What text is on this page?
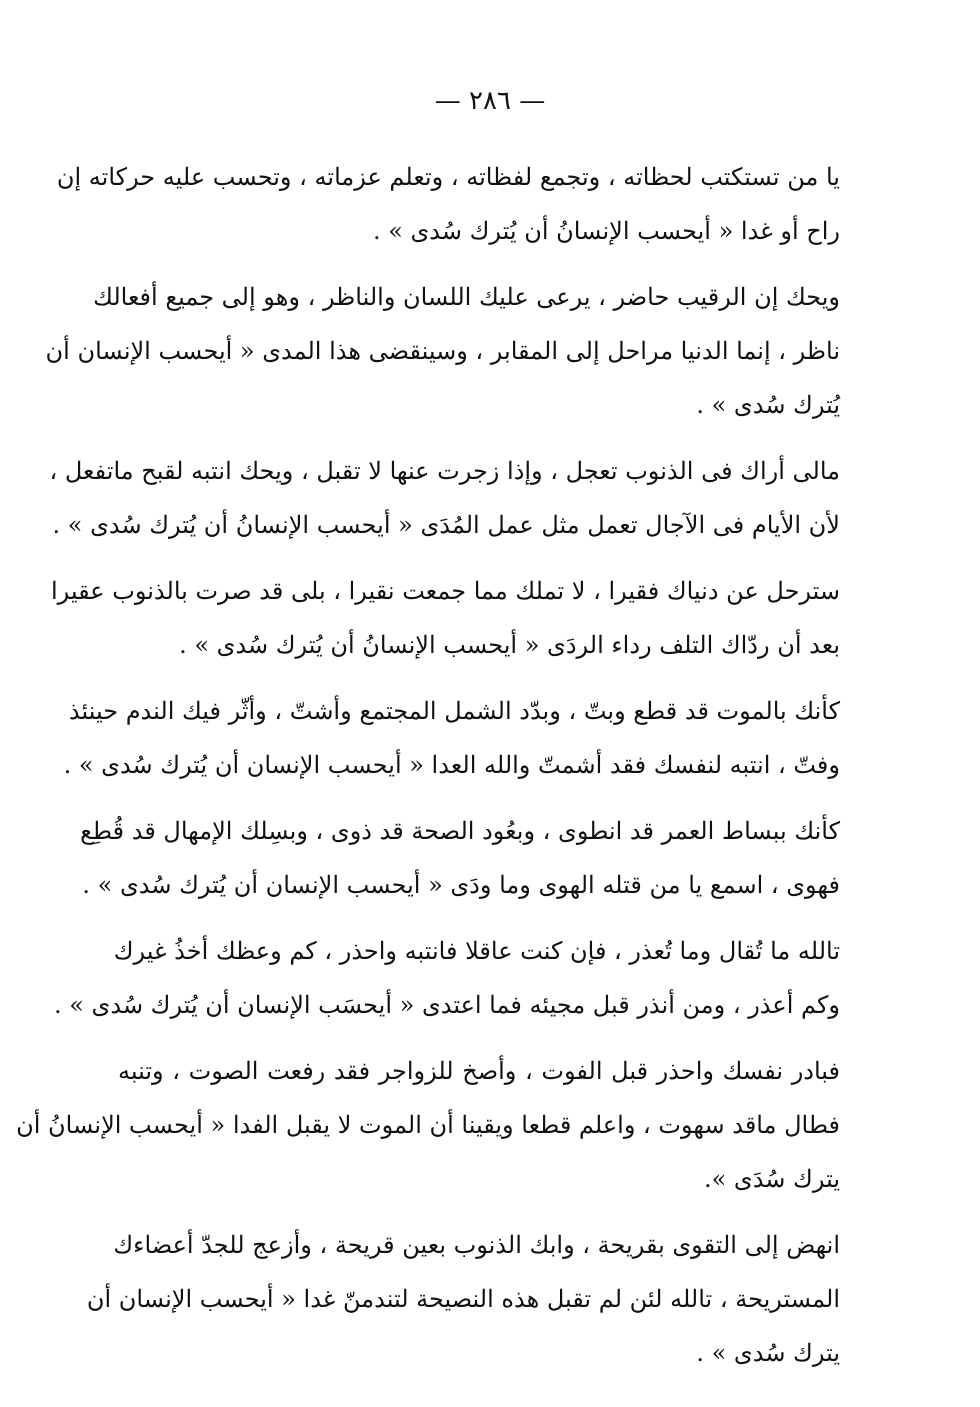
— ٢٨٦ —
يا من تستكتب لحظاته ، وتجمع لفظاته ، وتعلم عزماته ، وتحسب عليه حركاته إن
راح أو غدا « أيحسب الإنسانُ أن يُترك سُدى » .
ويحك إن الرقيب حاضر ، يرعى عليك اللسان والناظر ، وهو إلى جميع أفعالك
ناظر ، إنما الدنيا مراحل إلى المقابر ، وسينقضى هذا المدى « أيحسب الإنسان أن
يُترك سُدى » .
مالى أراك فى الذنوب تعجل ، وإذا زجرت عنها لا تقبل ، ويحك انتبه لقبح ماتفعل ،
لأن الأيام فى الآجال تعمل مثل عمل المُدَى « أيحسب الإنسانُ أن يُترك سُدى » .
سترحل عن دنياك فقيرا ، لا تملك مما جمعت نقيرا ، بلى قد صرت بالذنوب عقيرا
بعد أن ردّاك التلف رداء الردَى « أيحسب الإنسانُ أن يُترك سُدى » .
كأنك بالموت قد قطع وبتّ ، وبدّد الشمل المجتمع وأشتّ ، وأثّر فيك الندم حينئذ
وفتّ ، انتبه لنفسك فقد أشمتّ والله العدا « أيحسب الإنسان أن يُترك سُدى » .
كأنك ببساط العمر قد انطوى ، وبعُود الصحة قد ذوى ، وبسِلك الإمهال قد قُطِع
فهوى ، اسمع يا من قتله الهوى وما ودَى « أيحسب الإنسان أن يُترك سُدى » .
تالله ما تُقال وما تُعذر ، فإن كنت عاقلا فانتبه واحذر ، كم وعظك أخذُ غيرك
وكم أعذر ، ومن أنذر قبل مجيئه فما اعتدى « أيحسَب الإنسان أن يُترك سُدى » .
فبادر نفسك واحذر قبل الفوت ، وأصخ للزواجر فقد رفعت الصوت ، وتنبه
فطال ماقد سهوت ، واعلم قطعا ويقينا أن الموت لا يقبل الفدا « أيحسب الإنسانُ أن
يترك سُدَى ».
انهض إلى التقوى بقريحة ، وابك الذنوب بعين قريحة ، وأزعج للجدّ أعضاءك
المستريحة ، تالله لئن لم تقبل هذه النصيحة لتندمنّ غدا « أيحسب الإنسان أن
يترك سُدى » .
